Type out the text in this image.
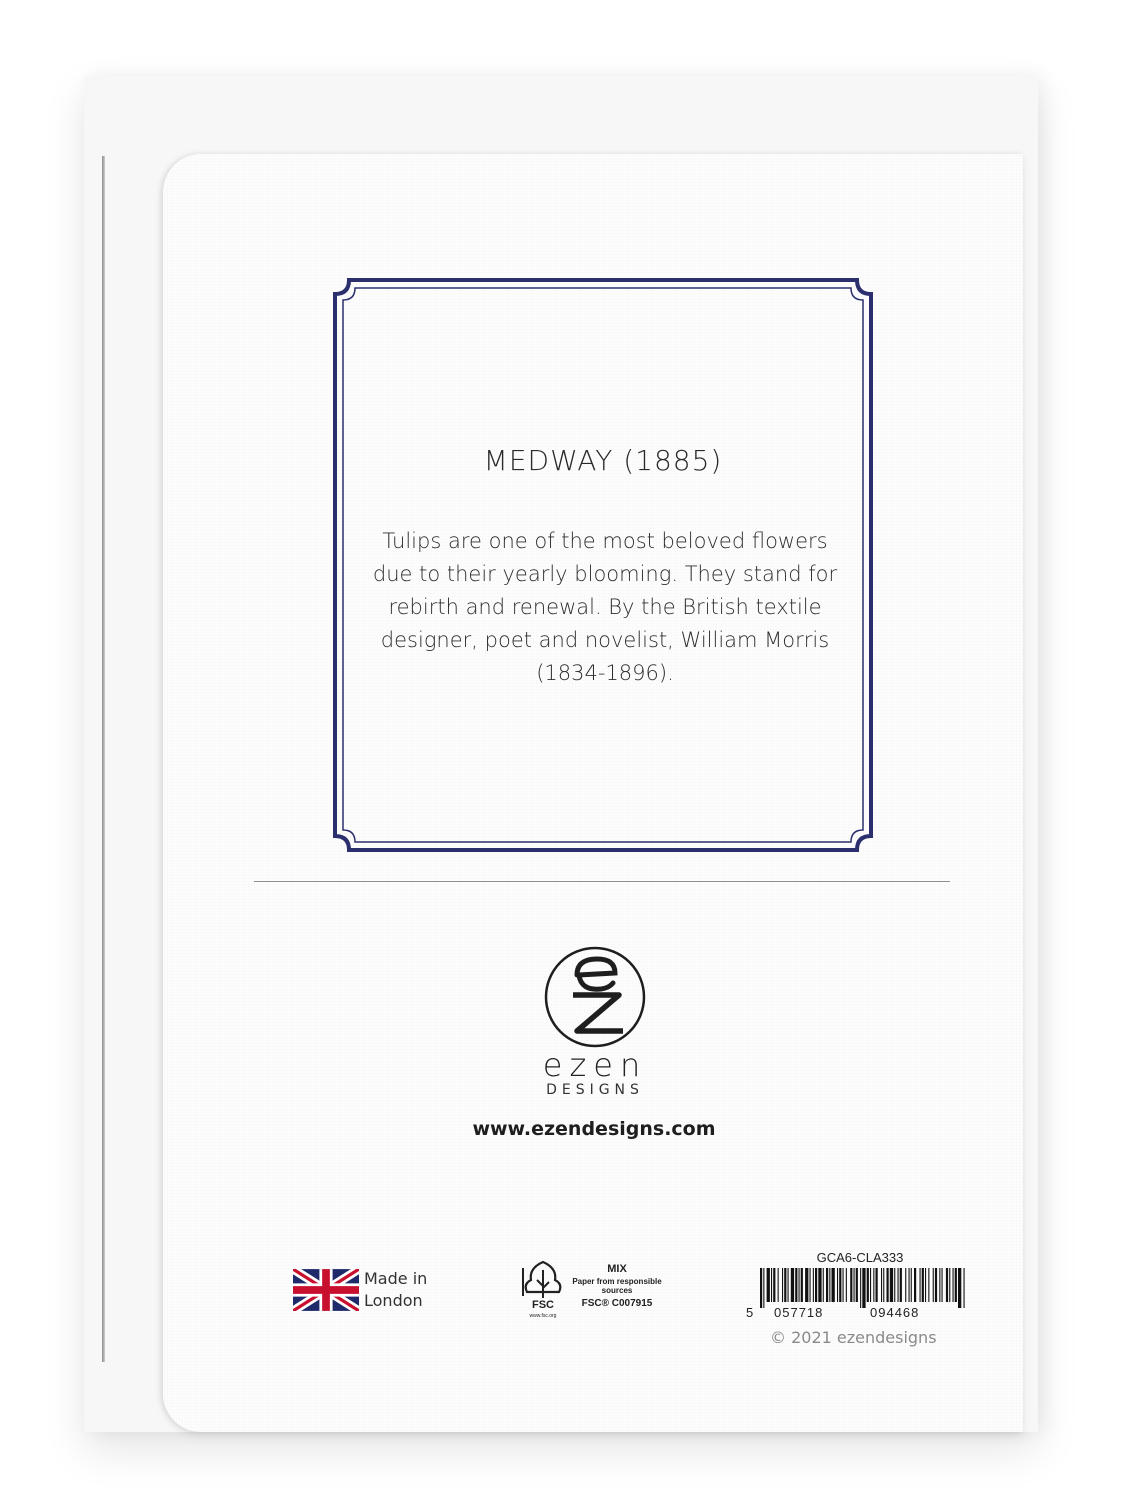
MEDWAY (1885)
Tulips are one of the most beloved flowers due to their yearly blooming. They stand for rebirth and renewal. By the British textile designer, poet and novelist, William Morris (1834-1896).
ezen
DESIGNS
www.ezendesigns.com
Made in
London	FSC
www.fsc.org
MIX
Paper from responsible sources
FSC® C007915
GCA6-CLA333
5 057718	094468
© 2021 ezendesigns
